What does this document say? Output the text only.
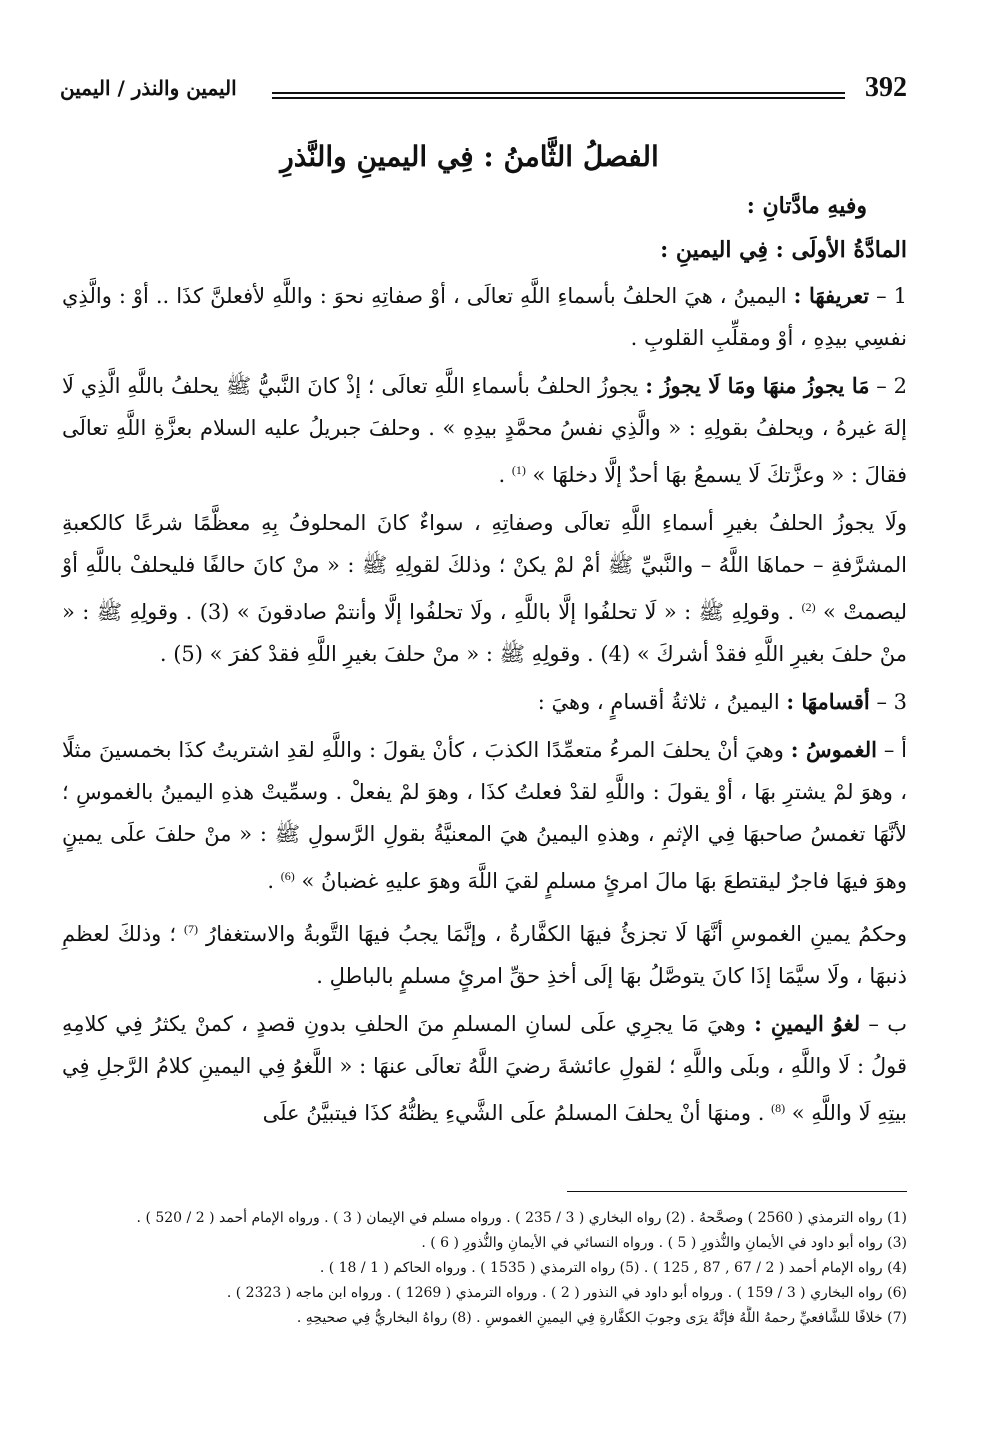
اليمين والنذر / اليمين	392
الفصلُ الثَّامنُ : فِي اليمينِ والنَّذرِ
وفيهِ مادَّتانِ :
المادَّةُ الأولَى : فِي اليمينِ :
1 – تعريفهَا : اليمينُ ، هيَ الحلفُ بأسماءِ اللَّهِ تعالَى ، أوْ صفاتِهِ نحوَ : واللَّهِ لأفعلنَّ كذَا .. أوْ : والَّذِي نفسِي بيدِهِ ، أوْ ومقلِّبِ القلوبِ .
2 – مَا يجوزُ منهَا ومَا لَا يجوزُ : يجوزُ الحلفُ بأسماءِ اللَّهِ تعالَى ؛ إذْ كانَ النَّبيُّ ﷺ يحلفُ باللَّهِ الَّذِي لَا إلهَ غيرهُ ، ويحلفُ بقولِهِ : « والَّذِي نفسُ محمَّدٍ بيدِهِ » . وحلفَ جبريلُ عليه السلام بعزَّةِ اللَّهِ تعالَى فقالَ : « وعزَّتكَ لَا يسمعُ بهَا أحدٌ إلَّا دخلهَا » $^{(1)}$ .
ولَا يجوزُ الحلفُ بغيرِ أسماءِ اللَّهِ تعالَى وصفاتِهِ ، سواءٌ كانَ المحلوفُ بِهِ معظَّمًا شرعًا كالكعبةِ المشرَّفةِ – حماهَا اللَّهُ – والنَّبيِّ ﷺ أمْ لمْ يكنْ ؛ وذلكَ لقولِهِ ﷺ : « منْ كانَ حالفًا فليحلفْ باللَّهِ أوْ ليصمتْ » $^{(2)}$ . وقولِهِ ﷺ : « لَا تحلفُوا إلَّا باللَّهِ ، ولَا تحلفُوا إلَّا وأنتمْ صادقونَ » (3) . وقولِهِ ﷺ : « منْ حلفَ بغيرِ اللَّهِ فقدْ أشركَ » (4) . وقولِهِ ﷺ : « منْ حلفَ بغيرِ اللَّهِ فقدْ كفرَ » (5) .
3 – أقسامهَا : اليمينُ ، ثلاثةُ أقسامٍ ، وهيَ :
أ – الغموسُ : وهيَ أنْ يحلفَ المرءُ متعمِّدًا الكذبَ ، كأنْ يقولَ : واللَّهِ لقدِ اشتريتُ كذَا بخمسينَ مثلًا ، وهوَ لمْ يشترِ بهَا ، أوْ يقولَ : واللَّهِ لقدْ فعلتُ كذَا ، وهوَ لمْ يفعلْ . وسمِّيتْ هذهِ اليمينُ بالغموسِ ؛ لأنَّهَا تغمسُ صاحبهَا فِي الإثمِ ، وهذهِ اليمينُ هيَ المعنيَّةُ بقولِ الرَّسولِ ﷺ : « منْ حلفَ علَى يمينٍ وهوَ فيهَا فاجرٌ ليقتطعَ بهَا مالَ امرئٍ مسلمٍ لقيَ اللَّهَ وهوَ عليهِ غضبانُ » $^{(6)}$ .
وحكمُ يمينِ الغموسِ أنَّهَا لَا تجزئُ فيهَا الكفَّارةُ ، وإنَّمَا يجبُ فيهَا التَّوبةُ والاستغفارُ $^{(7)}$ ؛ وذلكَ لعظمِ ذنبهَا ، ولَا سيَّمَا إذَا كانَ يتوصَّلُ بهَا إلَى أخذِ حقِّ امرئٍ مسلمٍ بالباطلِ .
ب – لغوُ اليمينِ : وهيَ مَا يجرِي علَى لسانِ المسلمِ منَ الحلفِ بدونِ قصدٍ ، كمنْ يكثرُ فِي كلامِهِ قولُ : لَا واللَّهِ ، وبلَى واللَّهِ ؛ لقولِ عائشةَ رضيَ اللَّهُ تعالَى عنهَا : « اللَّغوُ فِي اليمينِ كلامُ الرَّجلِ فِي بيتِهِ لَا واللَّهِ » $^{(8)}$ . ومنهَا أنْ يحلفَ المسلمُ علَى الشَّيءِ يظنُّهُ كذَا فيتبيَّنُ علَى
(1) رواه الترمذي ( 2560 ) وصحَّحهُ . (2) رواه البخاري ( 3 / 235 ) . ورواه مسلم في الإيمان ( 3 ) . ورواه الإمام أحمد ( 2 / 520 ) .
(3) رواه أبو داود في الأيمانِ والنُّذورِ ( 5 ) . ورواه النسائي في الأيمانِ والنُّذورِ ( 6 ) .
(4) رواه الإمام أحمد ( 2 / 67 , 87 , 125 ) . (5) رواه الترمذي ( 1535 ) . ورواه الحاكم ( 1 / 18 ) .
(6) رواه البخاري ( 3 / 159 ) . ورواه أبو داود في النذور ( 2 ) . ورواه الترمذي ( 1269 ) . ورواه ابن ماجه ( 2323 ) .
(7) خلافًا للشَّافعيِّ رحمهُ اللَّهُ فإنَّهُ يرَى وجوبَ الكفَّارةِ فِي اليمينِ الغموسِ . (8) رواهُ البخاريُّ فِي صحيحِهِ .
